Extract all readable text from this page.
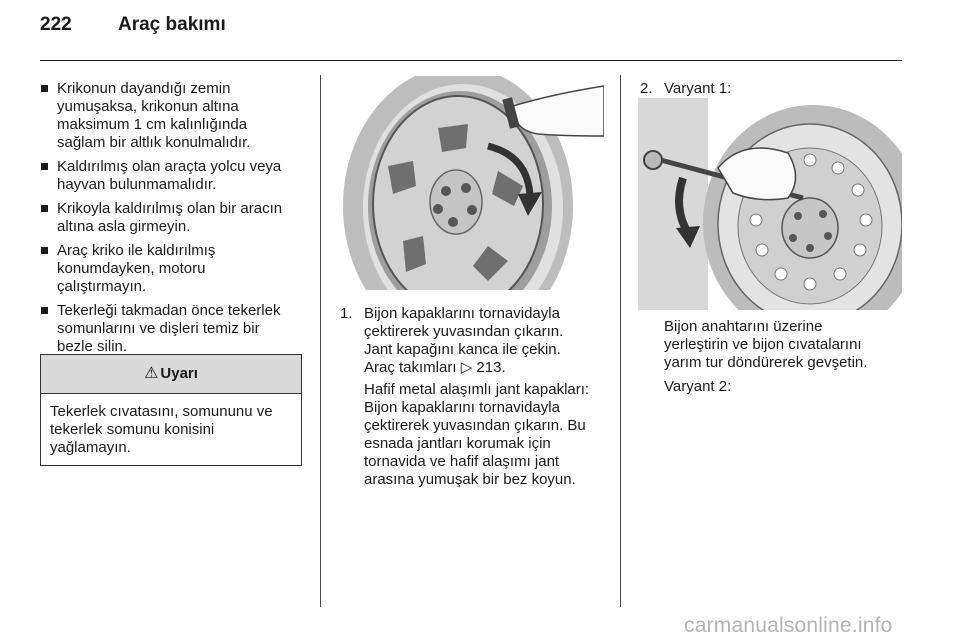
222 Araç bakımı
Krikonun dayandığı zemin
yumuşaksa, krikonun altına
maksimum 1 cm kalınlığında
sağlam bir altlık konulmalıdır.
Kaldırılmış olan araçta yolcu veya
hayvan bulunmamalıdır.
Krikoyla kaldırılmış olan bir aracın
altına asla girmeyin.
Araç kriko ile kaldırılmış
konumdayken, motoru
çalıştırmayın.
Tekerleği takmadan önce tekerlek
somunlarını ve dişleri temiz bir
bezle silin.
⚠ Uyarı
Tekerlek cıvatasını, somununu ve
tekerlek somunu konisini
yağlamayın.
1. Bijon kapaklarını tornavidayla
çektirerek yuvasından çıkarın.
Jant kapağını kanca ile çekin.
Araç takımları ▷ 213.
Hafif metal alaşımlı jant kapakları:
Bijon kapaklarını tornavidayla
çektirerek yuvasından çıkarın. Bu
esnada jantları korumak için
tornavida ve hafif alaşımı jant
arasına yumuşak bir bez koyun.
2. Varyant 1:
Bijon anahtarını üzerine
yerleştirin ve bijon cıvatalarını
yarım tur döndürerek gevşetin.
Varyant 2:
carmanualsonline.info
